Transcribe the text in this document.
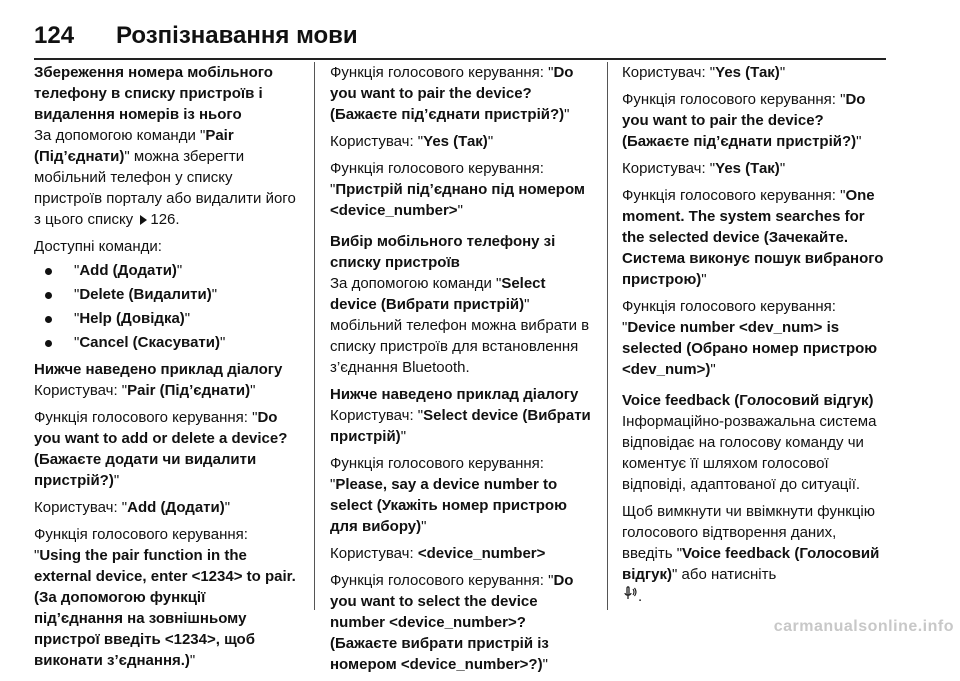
124 Розпізнавання мови
Збереження номера мобільного телефону в списку пристроїв і видалення номерів із нього

За допомогою команди "Pair (Під’єднати)" можна зберегти мобільний телефон у списку пристроїв порталу або видалити його з цього списку 126.

Доступні команди:

"Add (Додати)"
"Delete (Видалити)"
"Help (Довідка)"
"Cancel (Скасувати)"
Нижче наведено приклад діалогу

Користувач: "Pair (Під’єднати)"

Функція голосового керування: "Do you want to add or delete a device? (Бажаєте додати чи видалити пристрій?)"

Користувач: "Add (Додати)"

Функція голосового керування: "Using the pair function in the external device, enter <1234> to pair. (За допомогою функції під’єднання на зовнішньому пристрої введіть <1234>, щоб виконати з’єднання.)"

Функція голосового керування: "Do you want to pair the device? (Бажаєте під’єднати пристрій?)"

Користувач: "Yes (Так)"

Функція голосового керування: "Пристрій під’єднано під номером <device_number>"

Вибір мобільного телефону зі списку пристроїв

За допомогою команди "Select device (Вибрати пристрій)" мобільний телефон можна вибрати в списку пристроїв для встановлення з’єднання Bluetooth.

Нижче наведено приклад діалогу

Користувач: "Select device (Вибрати пристрій)"

Функція голосового керування: "Please, say a device number to select (Укажіть номер пристрою для вибору)"

Користувач: <device_number>

Функція голосового керування: "Do you want to select the device number <device_number>? (Бажаєте вибрати пристрій із номером <device_number>?)"

Користувач: "Yes (Так)"

Функція голосового керування: "Do you want to pair the device? (Бажаєте під’єднати пристрій?)"

Користувач: "Yes (Так)"

Функція голосового керування: "One moment. The system searches for the selected device (Зачекайте. Система виконує пошук вибраного пристрою)"

Функція голосового керування: "Device number <dev_num> is selected (Обрано номер пристрою <dev_num>)"

Voice feedback (Голосовий відгук)

Інформаційно-розважальна система відповідає на голосову команду чи коментує її шляхом голосової відповіді, адаптованої до ситуації.

Щоб вимкнути чи ввімкнути функцію голосового відтворення даних, введіть "Voice feedback (Голосовий відгук)" або натисніть
.

carmanualsonline.info
